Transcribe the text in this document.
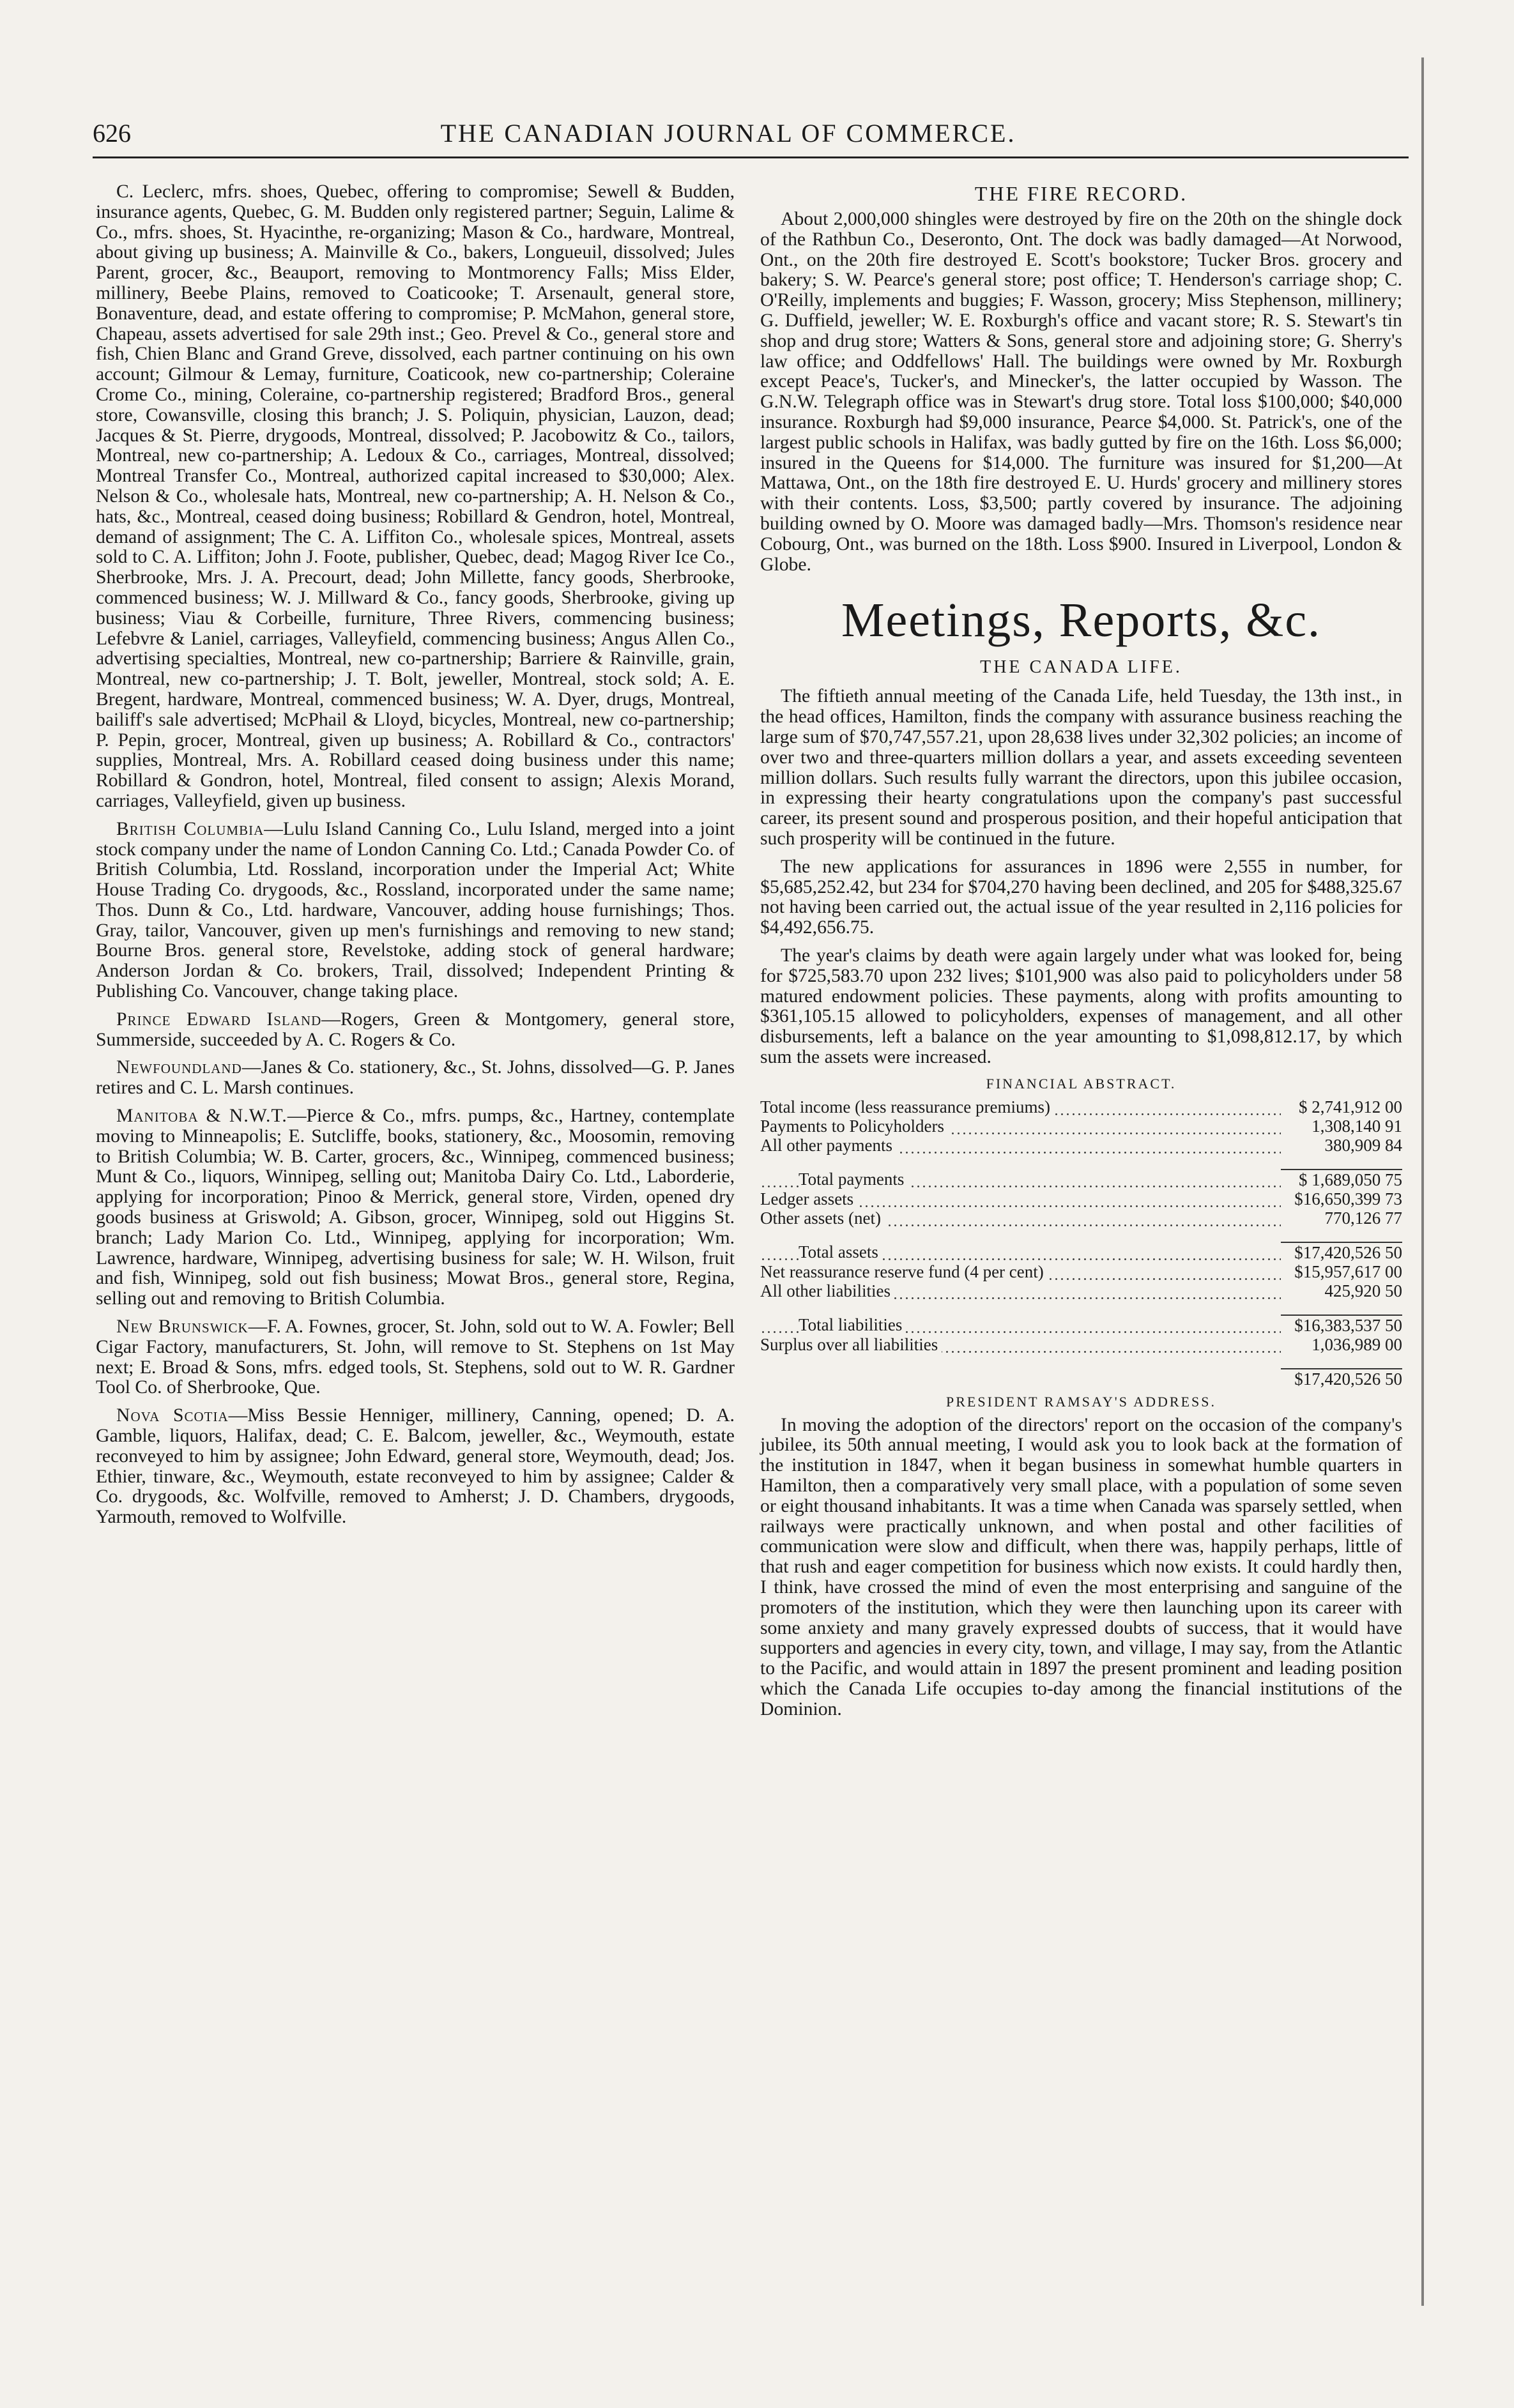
626	THE CANADIAN JOURNAL OF COMMERCE.

C. Leclerc, mfrs. shoes, Quebec, offering to compromise; Sewell & Budden, insurance agents, Quebec, G. M. Budden only registered partner; Seguin, Lalime & Co., mfrs. shoes, St. Hyacinthe, re-organizing; Mason & Co., hardware, Montreal, about giving up business; A. Mainville & Co., bakers, Longueuil, dissolved; Jules Parent, grocer, &c., Beauport, removing to Montmorency Falls; Miss Elder, millinery, Beebe Plains, removed to Coaticooke; T. Arsenault, general store, Bonaventure, dead, and estate offering to compromise; P. McMahon, general store, Chapeau, assets advertised for sale 29th inst.; Geo. Prevel & Co., general store and fish, Chien Blanc and Grand Greve, dissolved, each partner continuing on his own account; Gilmour & Lemay, furniture, Coaticook, new co-partnership; Coleraine Crome Co., mining, Coleraine, co-partnership registered; Bradford Bros., general store, Cowansville, closing this branch; J. S. Poliquin, physician, Lauzon, dead; Jacques & St. Pierre, drygoods, Montreal, dissolved; P. Jacobowitz & Co., tailors, Montreal, new co-partnership; A. Ledoux & Co., carriages, Montreal, dissolved; Montreal Transfer Co., Montreal, authorized capital increased to $30,000; Alex. Nelson & Co., wholesale hats, Montreal, new co-partnership; A. H. Nelson & Co., hats, &c., Montreal, ceased doing business; Robillard & Gendron, hotel, Montreal, demand of assignment; The C. A. Liffiton Co., wholesale spices, Montreal, assets sold to C. A. Liffiton; John J. Foote, publisher, Quebec, dead; Magog River Ice Co., Sherbrooke, Mrs. J. A. Precourt, dead; John Millette, fancy goods, Sherbrooke, commenced business; W. J. Millward & Co., fancy goods, Sherbrooke, giving up business; Viau & Corbeille, furniture, Three Rivers, commencing business; Lefebvre & Laniel, carriages, Valleyfield, commencing business; Angus Allen Co., advertising specialties, Montreal, new co-partnership; Barriere & Rainville, grain, Montreal, new co-partnership; J. T. Bolt, jeweller, Montreal, stock sold; A. E. Bregent, hardware, Montreal, commenced business; W. A. Dyer, drugs, Montreal, bailiff's sale advertised; McPhail & Lloyd, bicycles, Montreal, new co-partnership; P. Pepin, grocer, Montreal, given up business; A. Robillard & Co., contractors' supplies, Montreal, Mrs. A. Robillard ceased doing business under this name; Robillard & Gondron, hotel, Montreal, filed consent to assign; Alexis Morand, carriages, Valleyfield, given up business.

British Columbia—Lulu Island Canning Co., Lulu Island, merged into a joint stock company under the name of London Canning Co. Ltd.; Canada Powder Co. of British Columbia, Ltd. Rossland, incorporation under the Imperial Act; White House Trading Co. drygoods, &c., Rossland, incorporated under the same name; Thos. Dunn & Co., Ltd. hardware, Vancouver, adding house furnishings; Thos. Gray, tailor, Vancouver, given up men's furnishings and removing to new stand; Bourne Bros. general store, Revelstoke, adding stock of general hardware; Anderson Jordan & Co. brokers, Trail, dissolved; Independent Printing & Publishing Co. Vancouver, change taking place.

Prince Edward Island—Rogers, Green & Montgomery, general store, Summerside, succeeded by A. C. Rogers & Co.

Newfoundland—Janes & Co. stationery, &c., St. Johns, dissolved—G. P. Janes retires and C. L. Marsh continues.

Manitoba & N.W.T.—Pierce & Co., mfrs. pumps, &c., Hartney, contemplate moving to Minneapolis; E. Sutcliffe, books, stationery, &c., Moosomin, removing to British Columbia; W. B. Carter, grocers, &c., Winnipeg, commenced business; Munt & Co., liquors, Winnipeg, selling out; Manitoba Dairy Co. Ltd., Laborderie, applying for incorporation; Pinoo & Merrick, general store, Virden, opened dry goods business at Griswold; A. Gibson, grocer, Winnipeg, sold out Higgins St. branch; Lady Marion Co. Ltd., Winnipeg, applying for incorporation; Wm. Lawrence, hardware, Winnipeg, advertising business for sale; W. H. Wilson, fruit and fish, Winnipeg, sold out fish business; Mowat Bros., general store, Regina, selling out and removing to British Columbia.

New Brunswick—F. A. Fownes, grocer, St. John, sold out to W. A. Fowler; Bell Cigar Factory, manufacturers, St. John, will remove to St. Stephens on 1st May next; E. Broad & Sons, mfrs. edged tools, St. Stephens, sold out to W. R. Gardner Tool Co. of Sherbrooke, Que.

Nova Scotia—Miss Bessie Henniger, millinery, Canning, opened; D. A. Gamble, liquors, Halifax, dead; C. E. Balcom, jeweller, &c., Weymouth, estate reconveyed to him by assignee; John Edward, general store, Weymouth, dead; Jos. Ethier, tinware, &c., Weymouth, estate reconveyed to him by assignee; Calder & Co. drygoods, &c. Wolfville, removed to Amherst; J. D. Chambers, drygoods, Yarmouth, removed to Wolfville.

THE FIRE RECORD.

About 2,000,000 shingles were destroyed by fire on the 20th on the shingle dock of the Rathbun Co., Deseronto, Ont. The dock was badly damaged—At Norwood, Ont., on the 20th fire destroyed E. Scott's bookstore; Tucker Bros. grocery and bakery; S. W. Pearce's general store; post office; T. Henderson's carriage shop; C. O'Reilly, implements and buggies; F. Wasson, grocery; Miss Stephenson, millinery; G. Duffield, jeweller; W. E. Roxburgh's office and vacant store; R. S. Stewart's tin shop and drug store; Watters & Sons, general store and adjoining store; G. Sherry's law office; and Oddfellows' Hall. The buildings were owned by Mr. Roxburgh except Peace's, Tucker's, and Minecker's, the latter occupied by Wasson. The G.N.W. Telegraph office was in Stewart's drug store. Total loss $100,000; $40,000 insurance. Roxburgh had $9,000 insurance, Pearce $4,000. St. Patrick's, one of the largest public schools in Halifax, was badly gutted by fire on the 16th. Loss $6,000; insured in the Queens for $14,000. The furniture was insured for $1,200—At Mattawa, Ont., on the 18th fire destroyed E. U. Hurds' grocery and millinery stores with their contents. Loss, $3,500; partly covered by insurance. The adjoining building owned by O. Moore was damaged badly—Mrs. Thomson's residence near Cobourg, Ont., was burned on the 18th. Loss $900. Insured in Liverpool, London & Globe.

Meetings, Reports, &c.
THE CANADA LIFE.

The fiftieth annual meeting of the Canada Life, held Tuesday, the 13th inst., in the head offices, Hamilton, finds the company with assurance business reaching the large sum of $70,747,557.21, upon 28,638 lives under 32,302 policies; an income of over two and three-quarters million dollars a year, and assets exceeding seventeen million dollars. Such results fully warrant the directors, upon this jubilee occasion, in expressing their hearty congratulations upon the company's past successful career, its present sound and prosperous position, and their hopeful anticipation that such prosperity will be continued in the future.

The new applications for assurances in 1896 were 2,555 in number, for $5,685,252.42, but 234 for $704,270 having been declined, and 205 for $488,325.67 not having been carried out, the actual issue of the year resulted in 2,116 policies for $4,492,656.75.

The year's claims by death were again largely under what was looked for, being for $725,583.70 upon 232 lives; $101,900 was also paid to policyholders under 58 matured endowment policies. These payments, along with profits amounting to $361,105.15 allowed to policyholders, expenses of management, and all other disbursements, left a balance on the year amounting to $1,098,812.17, by which sum the assets were increased.

FINANCIAL ABSTRACT.
Total income (less reassurance premiums)	$ 2,741,912 00
Payments to Policyholders	1,308,140 91
All other payments	380,909 84

Total payments	$ 1,689,050 75
Ledger assets	$16,650,399 73
Other assets (net)	770,126 77

Total assets	$17,420,526 50
Net reassurance reserve fund (4 per cent)	$15,957,617 00
All other liabilities	425,920 50

Total liabilities	$16,383,537 50
Surplus over all liabilities	1,036,989 00

	$17,420,526 50
PRESIDENT RAMSAY'S ADDRESS.

In moving the adoption of the directors' report on the occasion of the company's jubilee, its 50th annual meeting, I would ask you to look back at the formation of the institution in 1847, when it began business in somewhat humble quarters in Hamilton, then a comparatively very small place, with a population of some seven or eight thousand inhabitants. It was a time when Canada was sparsely settled, when railways were practically unknown, and when postal and other facilities of communication were slow and difficult, when there was, happily perhaps, little of that rush and eager competition for business which now exists. It could hardly then, I think, have crossed the mind of even the most enterprising and sanguine of the promoters of the institution, which they were then launching upon its career with some anxiety and many gravely expressed doubts of success, that it would have supporters and agencies in every city, town, and village, I may say, from the Atlantic to the Pacific, and would attain in 1897 the present prominent and leading position which the Canada Life occupies to-day among the financial institutions of the Dominion.
